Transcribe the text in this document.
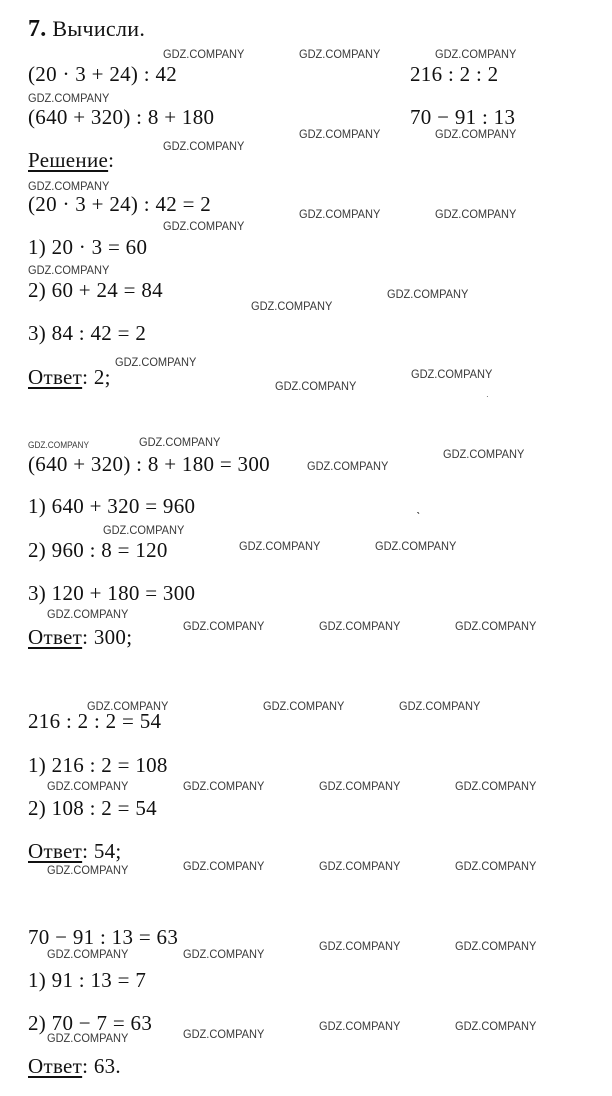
7. Вычисли.
(20 · 3 + 24) : 42	216 : 2 : 2
(640 + 320) : 8 + 180	70 − 91 : 13
Решение:
(20 · 3 + 24) : 42 = 2
1) 20 · 3 = 60
2) 60 + 24 = 84
3) 84 : 42 = 2
Ответ: 2;
(640 + 320) : 8 + 180 = 300
1) 640 + 320 = 960
2) 960 : 8 = 120
3) 120 + 180 = 300
Ответ: 300;
216 : 2 : 2 = 54
1) 216 : 2 = 108
2) 108 : 2 = 54
Ответ: 54;
70 − 91 : 13 = 63
1) 91 : 13 = 7
2) 70 − 7 = 63
Ответ: 63.
GDZ.COMPANY	GDZ.COMPANY	GDZ.COMPANY
GDZ.COMPANY
GDZ.COMPANY	GDZ.COMPANY
GDZ.COMPANY
GDZ.COMPANY
GDZ.COMPANY	GDZ.COMPANY
GDZ.COMPANY
GDZ.COMPANY
GDZ.COMPANY
GDZ.COMPANY
GDZ.COMPANY
GDZ.COMPANY
GDZ.COMPANY
GDZ.COMPANY	GDZ.COMPANY
GDZ.COMPANY
GDZ.COMPANY
GDZ.COMPANY
GDZ.COMPANY	GDZ.COMPANY
GDZ.COMPANY
GDZ.COMPANY	GDZ.COMPANY	GDZ.COMPANY
GDZ.COMPANY	GDZ.COMPANY	GDZ.COMPANY
GDZ.COMPANY	GDZ.COMPANY	GDZ.COMPANY	GDZ.COMPANY
GDZ.COMPANY	GDZ.COMPANY	GDZ.COMPANY	GDZ.COMPANY
GDZ.COMPANY	GDZ.COMPANY
GDZ.COMPANY	GDZ.COMPANY
GDZ.COMPANY	GDZ.COMPANY
GDZ.COMPANY	GDZ.COMPANY
ˋ
·
